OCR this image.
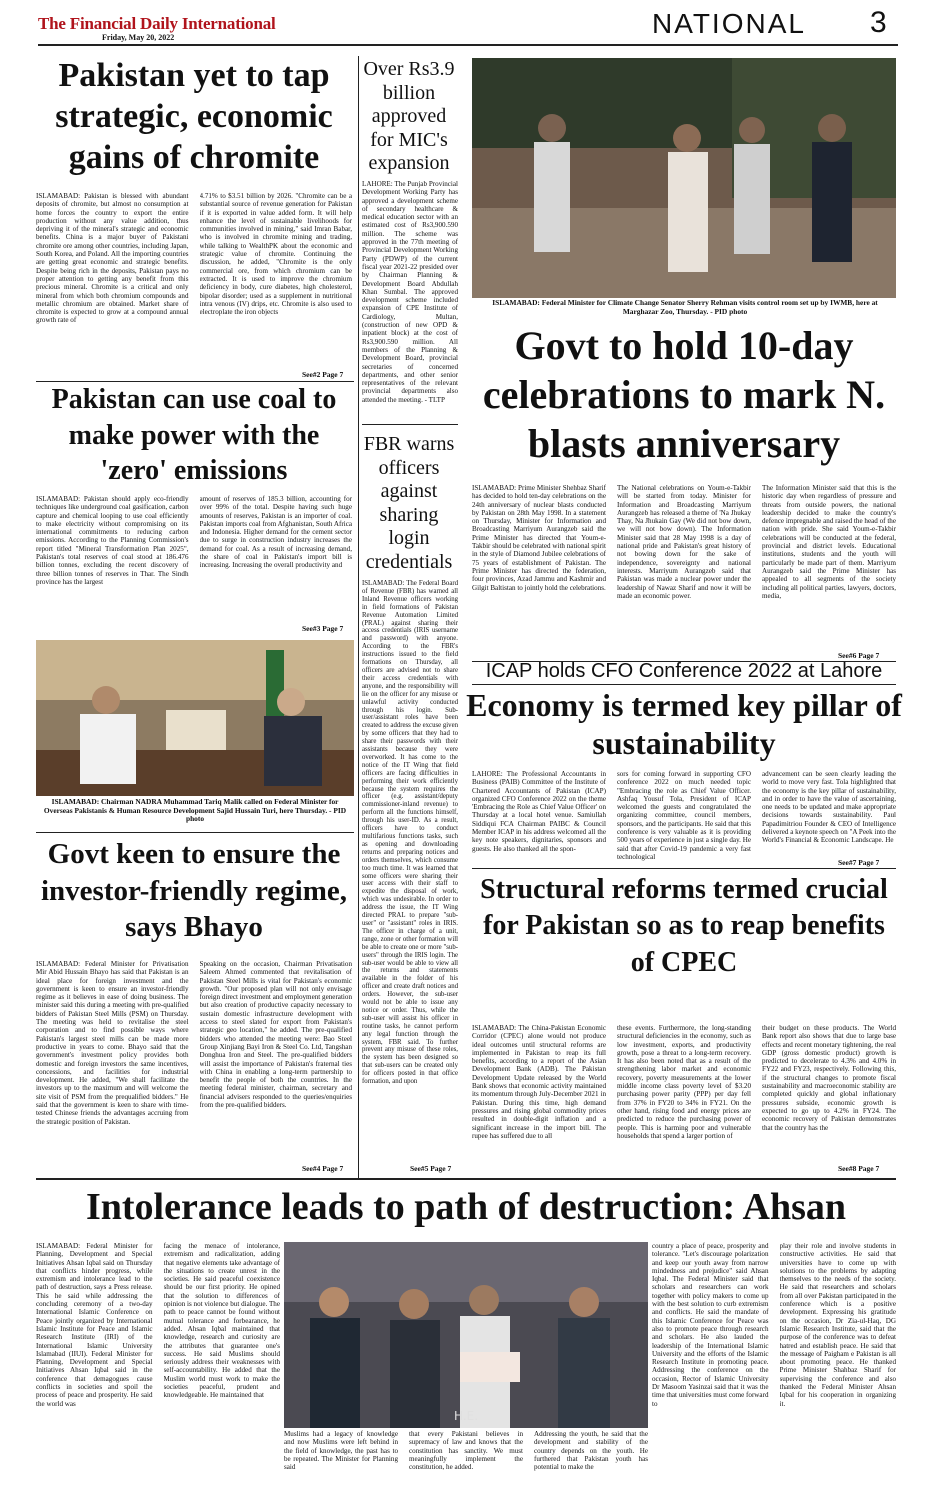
The Financial Daily International
Friday, May 20, 2022	NATIONAL 3
Pakistan yet to tap strategic, economic gains of chromite
ISLAMABAD: Pakistan is blessed with abundant deposits of chromite, but almost no consumption at home forces the country to export the entire production without any value addition, thus depriving it of the mineral's strategic and economic benefits. China is a major buyer of Pakistani chromite ore among other countries, including Japan, South Korea, and Poland. All the importing countries are getting great economic and strategic benefits. Despite being rich in the deposits, Pakistan pays no proper attention to getting any benefit from this precious mineral. Chromite is a critical and only mineral from which both chromium compounds and metallic chromium are obtained. Market share of chromite is expected to grow at a compound annual growth rate of
4.71% to $3.51 billion by 2026. "Chromite can be a substantial source of revenue generation for Pakistan if it is exported in value added form. It will help enhance the level of sustainable livelihoods for communities involved in mining," said Imran Babar, who is involved in chromite mining and trading, while talking to WealthPK about the economic and strategic value of chromite. Continuing the discussion, he added, "Chromite is the only commercial ore, from which chromium can be extracted. It is used to improve the chromium deficiency in body, cure diabetes, high cholesterol, bipolar disorder; used as a supplement in nutritional intra venous (IV) drips, etc. Chromite is also used to electroplate the iron objects
See#2 Page 7
Over Rs3.9 billion approved for MIC's expansion
LAHORE: The Punjab Provincial Development Working Party has approved a development scheme of secondary healthcare & medical education sector with an estimated cost of Rs3,900.590 million. The scheme was approved in the 77th meeting of Provincial Development Working Party (PDWP) of the current fiscal year 2021-22 presided over by Chairman Planning & Development Board Abdullah Khan Sumbal. The approved development scheme included expansion of CPE Institute of Cardiology, Multan, (construction of new OPD & inpatient block) at the cost of Rs3,900.590 million. All members of the Planning & Development Board, provincial secretaries of concerned departments, and other senior representatives of the relevant provincial departments also attended the meeting. - TLTP
ISLAMABAD: Federal Minister for Climate Change Senator Sherry Rehman visits control room set up by IWMB, here at Marghazar Zoo, Thursday. - PID photo
Govt to hold 10-day celebrations to mark N. blasts anniversary
ISLAMABAD: Prime Minister Shehbaz Sharif has decided to hold ten-day celebrations on the 24th anniversary of nuclear blasts conducted by Pakistan on 28th May 1998. In a statement on Thursday, Minister for Information and Broadcasting Marriyum Aurangzeb said the Prime Minister has directed that Youm-e-Takbir should be celebrated with national spirit in the style of Diamond Jubilee celebrations of 75 years of establishment of Pakistan. The Prime Minister has directed the federation, four provinces, Azad Jammu and Kashmir and Gilgit Baltistan to jointly hold the celebrations.
The National celebrations on Youm-e-Takbir will be started from today. Minister for Information and Broadcasting Marriyum Aurangzeb has released a theme of 'Na Jhukay Thay, Na Jhukain Gay (We did not bow down, we will not bow down). The Information Minister said that 28 May 1998 is a day of national pride and Pakistan's great history of not bowing down for the sake of independence, sovereignty and national interests. Marriyum Aurangzeb said that Pakistan was made a nuclear power under the leadership of Nawaz Sharif and now it will be made an economic power.
The Information Minister said that this is the historic day when regardless of pressure and threats from outside powers, the national leadership decided to make the country's defence impregnable and raised the head of the nation with pride. She said Youm-e-Takbir celebrations will be conducted at the federal, provincial and district levels. Educational institutions, students and the youth will particularly be made part of them. Marriyum Aurangzeb said the Prime Minister has appealed to all segments of the society including all political parties, lawyers, doctors, media,
See#6 Page 7
Pakistan can use coal to make power with the 'zero' emissions
ISLAMABAD: Pakistan should apply eco-friendly techniques like underground coal gasification, carbon capture and chemical looping to use coal efficiently to make electricity without compromising on its international commitments to reducing carbon emissions. According to the Planning Commission's report titled "Mineral Transformation Plan 2025", Pakistan's total reserves of coal stood at 186.476 billion tonnes, excluding the recent discovery of three billion tonnes of reserves in Thar. The Sindh province has the largest
amount of reserves of 185.3 billion, accounting for over 99% of the total. Despite having such huge amounts of reserves, Pakistan is an importer of coal. Pakistan imports coal from Afghanistan, South Africa and Indonesia. Higher demand for the cement sector due to surge in construction industry increases the demand for coal. As a result of increasing demand, the share of coal in Pakistan's import bill is increasing. Increasing the overall productivity and
See#3 Page 7
FBR warns officers against sharing login credentials
ISLAMABAD: The Federal Board of Revenue (FBR) has warned all Inland Revenue officers working in field formations of Pakistan Revenue Automation Limited (PRAL) against sharing their access credentials (IRIS username and password) with anyone. According to the FBR's instructions issued to the field formations on Thursday, all officers are advised not to share their access credentials with anyone, and the responsibility will lie on the officer for any misuse or unlawful activity conducted through his login. Sub-user/assistant roles have been created to address the excuse given by some officers that they had to share their passwords with their assistants because they were overworked. It has come to the notice of the IT Wing that field officers are facing difficulties in performing their work efficiently because the system requires the officer (e.g. assistant/deputy commissioner-inland revenue) to perform all the functions himself, through his user-ID. As a result, officers have to conduct multifarious functions tasks, such as opening and downloading returns and preparing notices and orders themselves, which consume too much time. It was learned that some officers were sharing their user access with their staff to expedite the disposal of work, which was undesirable. In order to address the issue, the IT Wing directed PRAL to prepare "sub-user" or "assistant" roles in IRIS. The officer in charge of a unit, range, zone or other formation will be able to create one or more "sub-users" through the IRIS login. The sub-user would be able to view all the returns and statements available in the folder of his officer and create draft notices and orders. However, the sub-user would not be able to issue any notice or order. Thus, while the sub-user will assist his officer in routine tasks, he cannot perform any legal function through the system, FBR said. To further prevent any misuse of these roles, the system has been designed so that sub-users can be created only for officers posted in that office formation, and upon
See#5 Page 7
ISLAMABAD: Chairman NADRA Muhammad Tariq Malik called on Federal Minister for Overseas Pakistanis & Human Resource Development Sajid Hussain Turi, here Thursday. - PID photo
ICAP holds CFO Conference 2022 at Lahore
Economy is termed key pillar of sustainability
LAHORE: The Professional Accountants in Business (PAIB) Committee of the Institute of Chartered Accountants of Pakistan (ICAP) organized CFO Conference 2022 on the theme 'Embracing the Role as Chief Value Officer' on Thursday at a local hotel venue. Samiullah Siddiqui FCA Chairman PAIBC & Council Member ICAP in his address welcomed all the key note speakers, dignitaries, sponsors and guests. He also thanked all the spon-
sors for coming forward in supporting CFO conference 2022 on much needed topic "Embracing the role as Chief Value Officer. Ashfaq Yousuf Tola, President of ICAP welcomed the guests and congratulated the organizing committee, council members, sponsors, and the participants. He said that this conference is very valuable as it is providing 500 years of experience in just a single day. He said that after Covid-19 pandemic a very fast technological
advancement can be seen clearly leading the world to move very fast. Tola highlighted that the economy is the key pillar of sustainability, and in order to have the value of ascertaining, one needs to be updated and make appropriate decisions towards sustainability. Paul Papadimitriou Founder & CEO of Intelligence delivered a keynote speech on "A Peek into the World's Financial & Economic Landscape. He
See#7 Page 7
Govt keen to ensure the investor-friendly regime, says Bhayo
ISLAMABAD: Federal Minister for Privatisation Mir Abid Hussain Bhayo has said that Pakistan is an ideal place for foreign investment and the government is keen to ensure an investor-friendly regime as it believes in ease of doing business. The minister said this during a meeting with pre-qualified bidders of Pakistan Steel Mills (PSM) on Thursday. The meeting was held to revitalise the steel corporation and to find possible ways where Pakistan's largest steel mills can be made more productive in years to come. Bhayo said that the government's investment policy provides both domestic and foreign investors the same incentives, concessions, and facilities for industrial development. He added, "We shall facilitate the investors up to the maximum and will welcome the site visit of PSM from the prequalified bidders." He said that the government is keen to share with time-tested Chinese friends the advantages accruing from the strategic position of Pakistan.
Speaking on the occasion, Chairman Privatisation Saleem Ahmed commented that revitalisation of Pakistan Steel Mills is vital for Pakistan's economic growth. "Our proposed plan will not only envisage foreign direct investment and employment generation but also creation of productive capacity necessary to sustain domestic infrastructure development with access to steel slated for export from Pakistan's strategic geo location," he added. The pre-qualified bidders who attended the meeting were: Bao Steel Group Xinjiang Bayi Iron & Steel Co. Ltd, Tangshan Donghua Iron and Steel. The pre-qualified bidders will assist the importance of Pakistan's fraternal ties with China in enabling a long-term partnership to benefit the people of both the countries. In the meeting federal minister, chairman, secretary and financial advisers responded to the queries/enquiries from the pre-qualified bidders.
See#4 Page 7
Structural reforms termed crucial for Pakistan so as to reap benefits of CPEC
ISLAMABAD: The China-Pakistan Economic Corridor (CPEC) alone would not produce ideal outcomes until structural reforms are implemented in Pakistan to reap its full benefits, according to a report of the Asian Development Bank (ADB). The Pakistan Development Update released by the World Bank shows that economic activity maintained its momentum through July-December 2021 in Pakistan. During this time, high demand pressures and rising global commodity prices resulted in double-digit inflation and a significant increase in the import bill. The rupee has suffered due to all
these events. Furthermore, the long-standing structural deficiencies in the economy, such as low investment, exports, and productivity growth, pose a threat to a long-term recovery. It has also been noted that as a result of the strengthening labor market and economic recovery, poverty measurements at the lower middle income class poverty level of $3.20 purchasing power parity (PPP) per day fell from 37% in FY20 to 34% in FY21. On the other hand, rising food and energy prices are predicted to reduce the purchasing power of people. This is harming poor and vulnerable households that spend a larger portion of
their budget on these products. The World Bank report also shows that due to large base effects and recent monetary tightening, the real GDP (gross domestic product) growth is predicted to decelerate to 4.3% and 4.0% in FY22 and FY23, respectively. Following this, if the structural changes to promote fiscal sustainability and macroeconomic stability are completed quickly and global inflationary pressures subside, economic growth is expected to go up to 4.2% in FY24. The economic recovery of Pakistan demonstrates that the country has the
See#8 Page 7
Intolerance leads to path of destruction: Ahsan
ISLAMABAD: Federal Minister for Planning, Development and Special Initiatives Ahsan Iqbal said on Thursday that conflicts hinder progress, while extremism and intolerance lead to the path of destruction, says a Press release. This he said while addressing the concluding ceremony of a two-day International Islamic Conference on Peace jointly organized by International Islamic Institute for Peace and Islamic Research Institute (IRI) of the International Islamic University Islamabad (IIUI). Federal Minister for Planning, Development and Special Initiatives Ahsan Iqbal said in the conference that demagogues cause conflicts in societies and spoil the process of peace and prosperity. He said the world was
facing the menace of intolerance, extremism and radicalization, adding that negative elements take advantage of the situations to create unrest in the societies. He said peaceful coexistence should be our first priority. He opined that the solution to differences of opinion is not violence but dialogue. The path to peace cannot be found without mutual tolerance and forbearance, he added. Ahsan Iqbal maintained that knowledge, research and curiosity are the attributes that guarantee one's success. He said Muslims should seriously address their weaknesses with self-accountability. He added that the Muslim world must work to make the societies peaceful, prudent and knowledgeable. He maintained that
H.E.
Muslims had a legacy of knowledge and now Muslims were left behind in the field of knowledge, the past has to be repeated. The Minister for Planning said
that every Pakistani believes in supremacy of law and knows that the constitution has sanctity. We must meaningfully implement the constitution, he added.
Addressing the youth, he said that the development and stability of the country depends on the youth. He furthered that Pakistan youth has potential to make the
country a place of peace, prosperity and tolerance. "Let's discourage polarization and keep our youth away from narrow mindedness and prejudice" said Ahsan Iqbal. The Federal Minister said that scholars and researchers can work together with policy makers to come up with the best solution to curb extremism and conflicts. He said the mandate of this Islamic Conference for Peace was also to promote peace through research and scholars. He also lauded the leadership of the International Islamic University and the efforts of the Islamic Research Institute in promoting peace. Addressing the conference on the occasion, Rector of Islamic University Dr Masoom Yasinzai said that it was the time that universities must come forward to
play their role and involve students in constructive activities. He said that universities have to come up with solutions to the problems by adapting themselves to the needs of the society. He said that researchers and scholars from all over Pakistan participated in the conference which is a positive development. Expressing his gratitude on the occasion, Dr Zia-ul-Haq, DG Islamic Research Institute, said that the purpose of the conference was to defeat hatred and establish peace. He said that the message of Paigham e Pakistan is all about promoting peace. He thanked Prime Minister Shahbaz Sharif for supervising the conference and also thanked the Federal Minister Ahsan Iqbal for his cooperation in organizing it.
